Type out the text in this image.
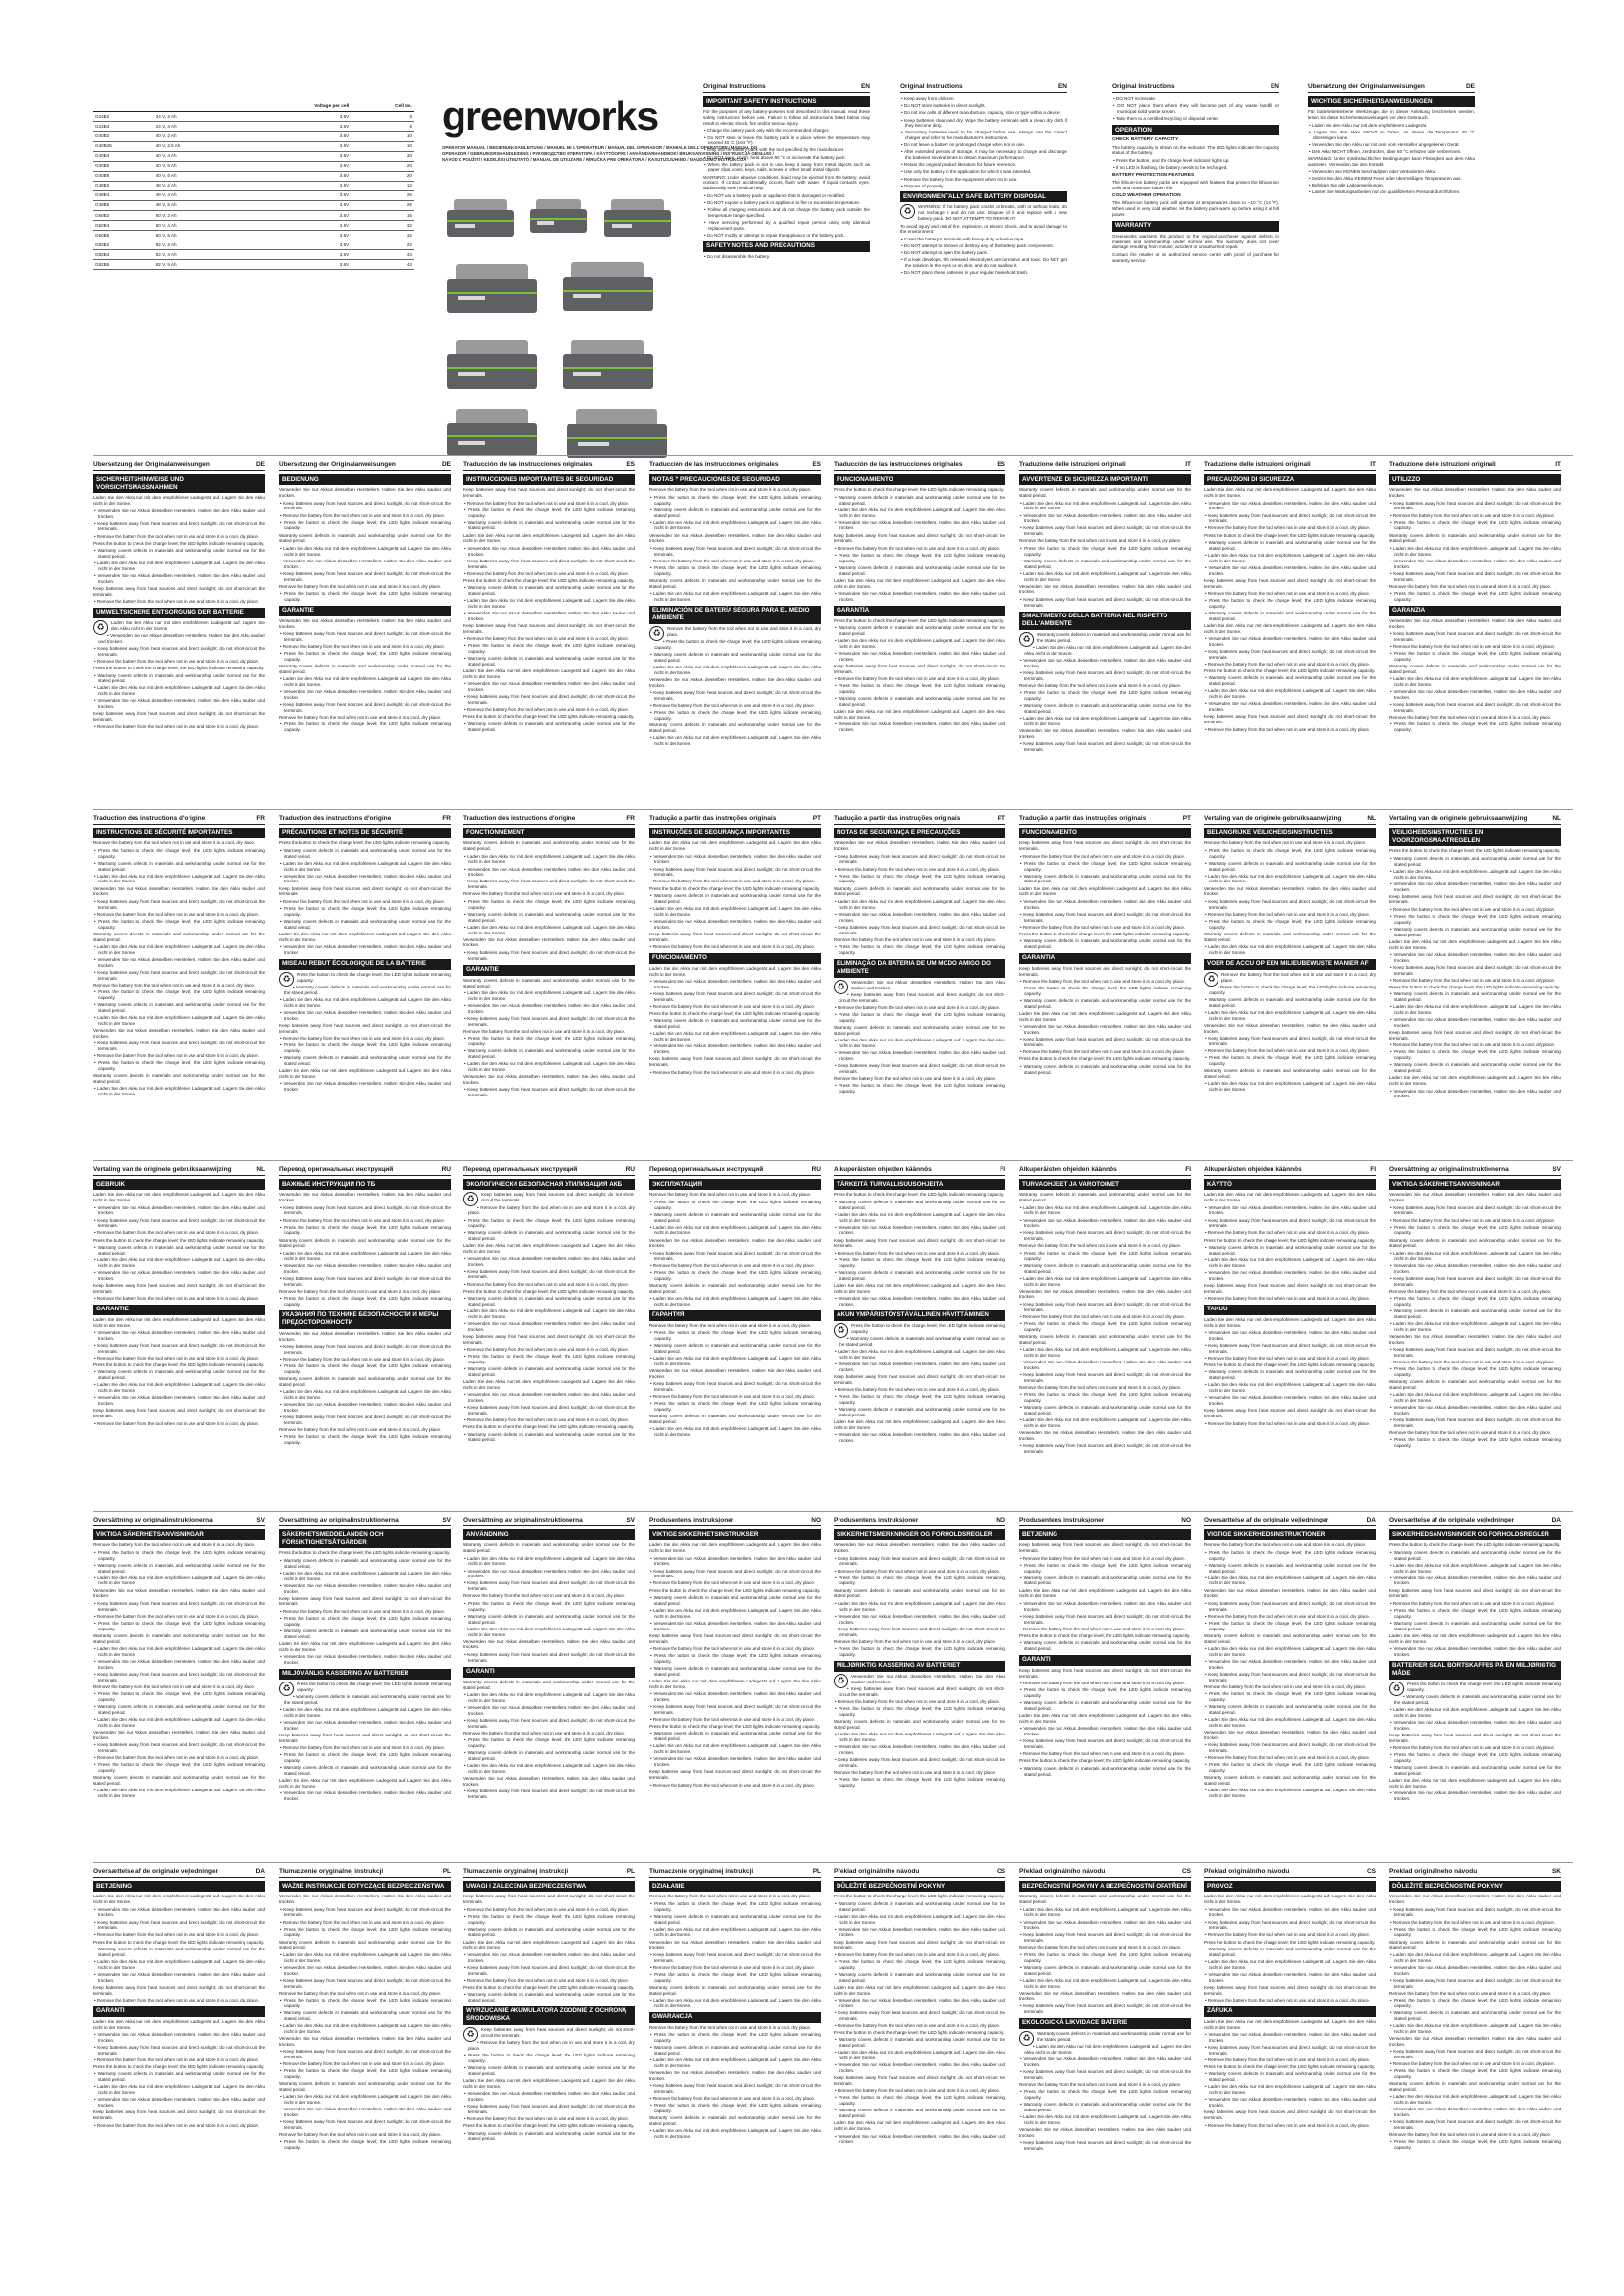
		Voltage per cell	Cell No.
G24B2	24 V, 2 Ah	3.6V	6
G24B4	24 V, 4 Ah	3.6V	6
G40B2	40 V, 2 Ah	3.6V	10
G40B25	40 V, 2.5 Ah	3.6V	10
G40B4	40 V, 4 Ah	3.6V	20
G40B5	40 V, 5 Ah	3.6V	20
G40B6	40 V, 6 Ah	3.6V	20
G48B2	48 V, 2 Ah	3.6V	13
G48B4	48 V, 4 Ah	3.6V	26
G48B5	48 V, 5 Ah	3.6V	26
G60B2	60 V, 2 Ah	3.6V	16
G60B4	60 V, 4 Ah	3.6V	32
G60B5	60 V, 5 Ah	3.6V	32
G82B2	82 V, 2 Ah	3.6V	22
G82B4	82 V, 4 Ah	3.6V	44
G82B5	82 V, 5 Ah	3.6V	44
greenworks
OPERATOR MANUAL / BEDIENUNGSANLEITUNG / MANUEL DE L'OPÉRATEUR / MANUAL DEL OPERADOR / MANUALE DELL'OPERATORE / MANUAL DO OPERADOR / GEBRUIKERSHANDLEIDING / РУКОВОДСТВО ОПЕРАТОРА / KÄYTTÖOPAS / ANVÄNDARHANDBOK / BRUKSANVISNING / INSTRUKCJA OBSŁUGI / NÁVOD K POUŽITÍ / KEZELÉSI ÚTMUTATÓ / MANUAL DE UTILIZARE / RÍRUČKA PRE OPERÁTORA / KASUTUSJUHEND / NAUDOJIMO INSTRUKCIJA
Original Instructions	EN
IMPORTANT SAFETY INSTRUCTIONS
For the purposes of any battery-powered tool described in this manual, read these safety instructions before use. Failure to follow all instructions listed below may result in electric shock, fire and/or serious injury.
• Charge the battery pack only with the recommended charger.
• Do NOT store or leave the battery pack in a place where the temperature may exceed 40 °C (104 °F).
• Only use the battery pack with the tool specified by the manufacturer.
• Do NOT open, crush, heat above 60 °C or incinerate the battery pack.
• When the battery pack is not in use, keep it away from metal objects such as paper clips, coins, keys, nails, screws or other small metal objects.
WARNING: Under abusive conditions, liquid may be ejected from the battery; avoid contact. If contact accidentally occurs, flush with water. If liquid contacts eyes, additionally seek medical help.
• Do NOT use a battery pack or appliance that is damaged or modified.
• Do NOT expose a battery pack or appliance to fire or excessive temperature.
• Follow all charging instructions and do not charge the battery pack outside the temperature range specified.
• Have servicing performed by a qualified repair person using only identical replacement parts.
• Do NOT modify or attempt to repair the appliance or the battery pack.
SAFETY NOTES AND PRECAUTIONS
• Do not disassemble the battery.
Original Instructions	EN
• Keep away from children.
• Do NOT store batteries in direct sunlight.
• Do not mix cells of different manufacture, capacity, size or type within a device.
• Keep batteries clean and dry. Wipe the battery terminals with a clean dry cloth if they become dirty.
• Secondary batteries need to be charged before use. Always use the correct charger and refer to the manufacturer's instructions.
• Do not leave a battery on prolonged charge when not in use.
• After extended periods of storage, it may be necessary to charge and discharge the batteries several times to obtain maximum performance.
• Retain the original product literature for future reference.
• Use only the battery in the application for which it was intended.
• Remove the battery from the equipment when not in use.
• Dispose of properly.
ENVIRONMENTALLY SAFE BATTERY DISPOSAL
♻	WARNING: If the battery pack cracks or breaks, with or without leaks, do not recharge it and do not use. Dispose of it and replace with a new battery pack. DO NOT ATTEMPT TO REPAIR IT!
To avoid injury and risk of fire, explosion, or electric shock, and to avoid damage to the environment:
• Cover the battery's terminals with heavy-duty adhesive tape.
• Do NOT attempt to remove or destroy any of the battery pack components.
• Do NOT attempt to open the battery pack.
• If a leak develops, the released electrolytes are corrosive and toxic. Do NOT get the solution in the eyes or on skin, and do not swallow it.
• Do NOT place these batteries in your regular household trash.
Original Instructions	EN
• DO NOT incinerate.
• DO NOT place them where they will become part of any waste landfill or municipal solid waste stream.
• Take them to a certified recycling or disposal center.
OPERATION
CHECK BATTERY CAPACITY
The battery capacity is shown on the indicator. The LED lights indicate the capacity status of the battery.
• Press the button, and the charge level indicator lights up.
• If no LED is flashing, the battery needs to be recharged.
BATTERY PROTECTION FEATURES
The lithium-ion battery packs are equipped with features that protect the lithium-ion cells and maximize battery life.
COLD WEATHER OPERATION
The lithium-ion battery pack will operate at temperatures down to −10 °C (14 °F). When used in very cold weather, let the battery pack warm up before using it at full power.
WARRANTY
Greenworks warrants this product to the original purchaser against defects in materials and workmanship under normal use. The warranty does not cover damage resulting from misuse, accident or unauthorized repair.
Contact the retailer or an authorized service center with proof of purchase for warranty service.
Übersetzung der Originalanweisungen	DE
WICHTIGE SICHERHEITSANWEISUNGEN
Für batteriebetriebene Werkzeuge, die in dieser Anleitung beschrieben werden, lesen Sie diese Sicherheitsanweisungen vor dem Gebrauch.
• Laden Sie den Akku nur mit dem empfohlenen Ladegerät.
• Lagern Sie den Akku NICHT an Orten, an denen die Temperatur 40 °C übersteigen kann.
• Verwenden Sie den Akku nur mit dem vom Hersteller angegebenen Gerät.
• Den Akku NICHT öffnen, zerdrücken, über 60 °C erhitzen oder verbrennen.
WARNUNG: Unter missbräuchlichen Bedingungen kann Flüssigkeit aus dem Akku austreten. Vermeiden Sie den Kontakt.
• Verwenden Sie KEINEN beschädigten oder veränderten Akku.
• Setzen Sie den Akku KEINEM Feuer oder übermäßigen Temperaturen aus.
• Befolgen Sie alle Ladeanweisungen.
• Lassen Sie Wartungsarbeiten nur von qualifiziertem Personal durchführen.
Übersetzung der Originalanweisungen	DE
SICHERHEITSHINWEISE UND VORSICHTSMASSNAHMEN
Laden Sie den Akku nur mit dem empfohlenen Ladegerät auf. Lagern Sie den Akku nicht in der Sonne.
• Verwenden Sie nur Akkus desselben Herstellers. Halten Sie den Akku sauber und trocken.
• Keep batteries away from heat sources and direct sunlight; do not short-circuit the terminals.
• Remove the battery from the tool when not in use and store it in a cool, dry place.
Press the button to check the charge level; the LED lights indicate remaining capacity.
• Warranty covers defects in materials and workmanship under normal use for the stated period.
• Laden Sie den Akku nur mit dem empfohlenen Ladegerät auf. Lagern Sie den Akku nicht in der Sonne.
• Verwenden Sie nur Akkus desselben Herstellers. Halten Sie den Akku sauber und trocken.
Keep batteries away from heat sources and direct sunlight; do not short-circuit the terminals.
• Remove the battery from the tool when not in use and store it in a cool, dry place.
UMWELTSICHERE ENTSORGUNG DER BATTERIE
♻	Laden Sie den Akku nur mit dem empfohlenen Ladegerät auf. Lagern Sie den Akku nicht in der Sonne.
• Verwenden Sie nur Akkus desselben Herstellers. Halten Sie den Akku sauber und trocken.
• Keep batteries away from heat sources and direct sunlight; do not short-circuit the terminals.
• Remove the battery from the tool when not in use and store it in a cool, dry place.
Press the button to check the charge level; the LED lights indicate remaining capacity.
• Warranty covers defects in materials and workmanship under normal use for the stated period.
• Laden Sie den Akku nur mit dem empfohlenen Ladegerät auf. Lagern Sie den Akku nicht in der Sonne.
• Verwenden Sie nur Akkus desselben Herstellers. Halten Sie den Akku sauber und trocken.
Keep batteries away from heat sources and direct sunlight; do not short-circuit the terminals.
• Remove the battery from the tool when not in use and store it in a cool, dry place.
Übersetzung der Originalanweisungen	DE
BEDIENUNG
Verwenden Sie nur Akkus desselben Herstellers. Halten Sie den Akku sauber und trocken.
• Keep batteries away from heat sources and direct sunlight; do not short-circuit the terminals.
• Remove the battery from the tool when not in use and store it in a cool, dry place.
• Press the button to check the charge level; the LED lights indicate remaining capacity.
Warranty covers defects in materials and workmanship under normal use for the stated period.
• Laden Sie den Akku nur mit dem empfohlenen Ladegerät auf. Lagern Sie den Akku nicht in der Sonne.
• Verwenden Sie nur Akkus desselben Herstellers. Halten Sie den Akku sauber und trocken.
• Keep batteries away from heat sources and direct sunlight; do not short-circuit the terminals.
Remove the battery from the tool when not in use and store it in a cool, dry place.
• Press the button to check the charge level; the LED lights indicate remaining capacity.
GARANTIE
Verwenden Sie nur Akkus desselben Herstellers. Halten Sie den Akku sauber und trocken.
• Keep batteries away from heat sources and direct sunlight; do not short-circuit the terminals.
• Remove the battery from the tool when not in use and store it in a cool, dry place.
• Press the button to check the charge level; the LED lights indicate remaining capacity.
Warranty covers defects in materials and workmanship under normal use for the stated period.
• Laden Sie den Akku nur mit dem empfohlenen Ladegerät auf. Lagern Sie den Akku nicht in der Sonne.
• Verwenden Sie nur Akkus desselben Herstellers. Halten Sie den Akku sauber und trocken.
• Keep batteries away from heat sources and direct sunlight; do not short-circuit the terminals.
Remove the battery from the tool when not in use and store it in a cool, dry place.
• Press the button to check the charge level; the LED lights indicate remaining capacity.
Traducción de las instrucciones originales	ES
INSTRUCCIONES IMPORTANTES DE SEGURIDAD
Keep batteries away from heat sources and direct sunlight; do not short-circuit the terminals.
• Remove the battery from the tool when not in use and store it in a cool, dry place.
• Press the button to check the charge level; the LED lights indicate remaining capacity.
• Warranty covers defects in materials and workmanship under normal use for the stated period.
Laden Sie den Akku nur mit dem empfohlenen Ladegerät auf. Lagern Sie den Akku nicht in der Sonne.
• Verwenden Sie nur Akkus desselben Herstellers. Halten Sie den Akku sauber und trocken.
• Keep batteries away from heat sources and direct sunlight; do not short-circuit the terminals.
• Remove the battery from the tool when not in use and store it in a cool, dry place.
Press the button to check the charge level; the LED lights indicate remaining capacity.
• Warranty covers defects in materials and workmanship under normal use for the stated period.
• Laden Sie den Akku nur mit dem empfohlenen Ladegerät auf. Lagern Sie den Akku nicht in der Sonne.
• Verwenden Sie nur Akkus desselben Herstellers. Halten Sie den Akku sauber und trocken.
Keep batteries away from heat sources and direct sunlight; do not short-circuit the terminals.
• Remove the battery from the tool when not in use and store it in a cool, dry place.
• Press the button to check the charge level; the LED lights indicate remaining capacity.
• Warranty covers defects in materials and workmanship under normal use for the stated period.
Laden Sie den Akku nur mit dem empfohlenen Ladegerät auf. Lagern Sie den Akku nicht in der Sonne.
• Verwenden Sie nur Akkus desselben Herstellers. Halten Sie den Akku sauber und trocken.
• Keep batteries away from heat sources and direct sunlight; do not short-circuit the terminals.
• Remove the battery from the tool when not in use and store it in a cool, dry place.
Press the button to check the charge level; the LED lights indicate remaining capacity.
• Warranty covers defects in materials and workmanship under normal use for the stated period.
Traducción de las instrucciones originales	ES
NOTAS Y PRECAUCIONES DE SEGURIDAD
Remove the battery from the tool when not in use and store it in a cool, dry place.
• Press the button to check the charge level; the LED lights indicate remaining capacity.
• Warranty covers defects in materials and workmanship under normal use for the stated period.
• Laden Sie den Akku nur mit dem empfohlenen Ladegerät auf. Lagern Sie den Akku nicht in der Sonne.
Verwenden Sie nur Akkus desselben Herstellers. Halten Sie den Akku sauber und trocken.
• Keep batteries away from heat sources and direct sunlight; do not short-circuit the terminals.
• Remove the battery from the tool when not in use and store it in a cool, dry place.
• Press the button to check the charge level; the LED lights indicate remaining capacity.
Warranty covers defects in materials and workmanship under normal use for the stated period.
• Laden Sie den Akku nur mit dem empfohlenen Ladegerät auf. Lagern Sie den Akku nicht in der Sonne.
ELIMINACIÓN DE BATERÍA SEGURA PARA EL MEDIO AMBIENTE
♻	Remove the battery from the tool when not in use and store it in a cool, dry place.
• Press the button to check the charge level; the LED lights indicate remaining capacity.
• Warranty covers defects in materials and workmanship under normal use for the stated period.
• Laden Sie den Akku nur mit dem empfohlenen Ladegerät auf. Lagern Sie den Akku nicht in der Sonne.
Verwenden Sie nur Akkus desselben Herstellers. Halten Sie den Akku sauber und trocken.
• Keep batteries away from heat sources and direct sunlight; do not short-circuit the terminals.
• Remove the battery from the tool when not in use and store it in a cool, dry place.
• Press the button to check the charge level; the LED lights indicate remaining capacity.
Warranty covers defects in materials and workmanship under normal use for the stated period.
• Laden Sie den Akku nur mit dem empfohlenen Ladegerät auf. Lagern Sie den Akku nicht in der Sonne.
Traducción de las instrucciones originales	ES
FUNCIONAMIENTO
Press the button to check the charge level; the LED lights indicate remaining capacity.
• Warranty covers defects in materials and workmanship under normal use for the stated period.
• Laden Sie den Akku nur mit dem empfohlenen Ladegerät auf. Lagern Sie den Akku nicht in der Sonne.
• Verwenden Sie nur Akkus desselben Herstellers. Halten Sie den Akku sauber und trocken.
Keep batteries away from heat sources and direct sunlight; do not short-circuit the terminals.
• Remove the battery from the tool when not in use and store it in a cool, dry place.
• Press the button to check the charge level; the LED lights indicate remaining capacity.
• Warranty covers defects in materials and workmanship under normal use for the stated period.
Laden Sie den Akku nur mit dem empfohlenen Ladegerät auf. Lagern Sie den Akku nicht in der Sonne.
• Verwenden Sie nur Akkus desselben Herstellers. Halten Sie den Akku sauber und trocken.
GARANTÍA
Press the button to check the charge level; the LED lights indicate remaining capacity.
• Warranty covers defects in materials and workmanship under normal use for the stated period.
• Laden Sie den Akku nur mit dem empfohlenen Ladegerät auf. Lagern Sie den Akku nicht in der Sonne.
• Verwenden Sie nur Akkus desselben Herstellers. Halten Sie den Akku sauber und trocken.
Keep batteries away from heat sources and direct sunlight; do not short-circuit the terminals.
• Remove the battery from the tool when not in use and store it in a cool, dry place.
• Press the button to check the charge level; the LED lights indicate remaining capacity.
• Warranty covers defects in materials and workmanship under normal use for the stated period.
Laden Sie den Akku nur mit dem empfohlenen Ladegerät auf. Lagern Sie den Akku nicht in der Sonne.
• Verwenden Sie nur Akkus desselben Herstellers. Halten Sie den Akku sauber und trocken.
Traduzione delle istruzioni originali	IT
AVVERTENZE DI SICUREZZA IMPORTANTI
Warranty covers defects in materials and workmanship under normal use for the stated period.
• Laden Sie den Akku nur mit dem empfohlenen Ladegerät auf. Lagern Sie den Akku nicht in der Sonne.
• Verwenden Sie nur Akkus desselben Herstellers. Halten Sie den Akku sauber und trocken.
• Keep batteries away from heat sources and direct sunlight; do not short-circuit the terminals.
Remove the battery from the tool when not in use and store it in a cool, dry place.
• Press the button to check the charge level; the LED lights indicate remaining capacity.
• Warranty covers defects in materials and workmanship under normal use for the stated period.
• Laden Sie den Akku nur mit dem empfohlenen Ladegerät auf. Lagern Sie den Akku nicht in der Sonne.
Verwenden Sie nur Akkus desselben Herstellers. Halten Sie den Akku sauber und trocken.
• Keep batteries away from heat sources and direct sunlight; do not short-circuit the terminals.
SMALTIMENTO DELLA BATTERIA NEL RISPETTO DELL'AMBIENTE
♻	Warranty covers defects in materials and workmanship under normal use for the stated period.
• Laden Sie den Akku nur mit dem empfohlenen Ladegerät auf. Lagern Sie den Akku nicht in der Sonne.
• Verwenden Sie nur Akkus desselben Herstellers. Halten Sie den Akku sauber und trocken.
• Keep batteries away from heat sources and direct sunlight; do not short-circuit the terminals.
Remove the battery from the tool when not in use and store it in a cool, dry place.
• Press the button to check the charge level; the LED lights indicate remaining capacity.
• Warranty covers defects in materials and workmanship under normal use for the stated period.
• Laden Sie den Akku nur mit dem empfohlenen Ladegerät auf. Lagern Sie den Akku nicht in der Sonne.
Verwenden Sie nur Akkus desselben Herstellers. Halten Sie den Akku sauber und trocken.
• Keep batteries away from heat sources and direct sunlight; do not short-circuit the terminals.
Traduzione delle istruzioni originali	IT
PRECAUZIONI DI SICUREZZA
Laden Sie den Akku nur mit dem empfohlenen Ladegerät auf. Lagern Sie den Akku nicht in der Sonne.
• Verwenden Sie nur Akkus desselben Herstellers. Halten Sie den Akku sauber und trocken.
• Keep batteries away from heat sources and direct sunlight; do not short-circuit the terminals.
• Remove the battery from the tool when not in use and store it in a cool, dry place.
Press the button to check the charge level; the LED lights indicate remaining capacity.
• Warranty covers defects in materials and workmanship under normal use for the stated period.
• Laden Sie den Akku nur mit dem empfohlenen Ladegerät auf. Lagern Sie den Akku nicht in der Sonne.
• Verwenden Sie nur Akkus desselben Herstellers. Halten Sie den Akku sauber und trocken.
Keep batteries away from heat sources and direct sunlight; do not short-circuit the terminals.
• Remove the battery from the tool when not in use and store it in a cool, dry place.
• Press the button to check the charge level; the LED lights indicate remaining capacity.
• Warranty covers defects in materials and workmanship under normal use for the stated period.
Laden Sie den Akku nur mit dem empfohlenen Ladegerät auf. Lagern Sie den Akku nicht in der Sonne.
• Verwenden Sie nur Akkus desselben Herstellers. Halten Sie den Akku sauber und trocken.
• Keep batteries away from heat sources and direct sunlight; do not short-circuit the terminals.
• Remove the battery from the tool when not in use and store it in a cool, dry place.
Press the button to check the charge level; the LED lights indicate remaining capacity.
• Warranty covers defects in materials and workmanship under normal use for the stated period.
• Laden Sie den Akku nur mit dem empfohlenen Ladegerät auf. Lagern Sie den Akku nicht in der Sonne.
• Verwenden Sie nur Akkus desselben Herstellers. Halten Sie den Akku sauber und trocken.
Keep batteries away from heat sources and direct sunlight; do not short-circuit the terminals.
• Remove the battery from the tool when not in use and store it in a cool, dry place.
Traduzione delle istruzioni originali	IT
UTILIZZO
Verwenden Sie nur Akkus desselben Herstellers. Halten Sie den Akku sauber und trocken.
• Keep batteries away from heat sources and direct sunlight; do not short-circuit the terminals.
• Remove the battery from the tool when not in use and store it in a cool, dry place.
• Press the button to check the charge level; the LED lights indicate remaining capacity.
Warranty covers defects in materials and workmanship under normal use for the stated period.
• Laden Sie den Akku nur mit dem empfohlenen Ladegerät auf. Lagern Sie den Akku nicht in der Sonne.
• Verwenden Sie nur Akkus desselben Herstellers. Halten Sie den Akku sauber und trocken.
• Keep batteries away from heat sources and direct sunlight; do not short-circuit the terminals.
Remove the battery from the tool when not in use and store it in a cool, dry place.
• Press the button to check the charge level; the LED lights indicate remaining capacity.
GARANZIA
Verwenden Sie nur Akkus desselben Herstellers. Halten Sie den Akku sauber und trocken.
• Keep batteries away from heat sources and direct sunlight; do not short-circuit the terminals.
• Remove the battery from the tool when not in use and store it in a cool, dry place.
• Press the button to check the charge level; the LED lights indicate remaining capacity.
Warranty covers defects in materials and workmanship under normal use for the stated period.
• Laden Sie den Akku nur mit dem empfohlenen Ladegerät auf. Lagern Sie den Akku nicht in der Sonne.
• Verwenden Sie nur Akkus desselben Herstellers. Halten Sie den Akku sauber und trocken.
• Keep batteries away from heat sources and direct sunlight; do not short-circuit the terminals.
Remove the battery from the tool when not in use and store it in a cool, dry place.
• Press the button to check the charge level; the LED lights indicate remaining capacity.
Traduction des instructions d'origine	FR
INSTRUCTIONS DE SÉCURITÉ IMPORTANTES
Remove the battery from the tool when not in use and store it in a cool, dry place.
• Press the button to check the charge level; the LED lights indicate remaining capacity.
• Warranty covers defects in materials and workmanship under normal use for the stated period.
• Laden Sie den Akku nur mit dem empfohlenen Ladegerät auf. Lagern Sie den Akku nicht in der Sonne.
Verwenden Sie nur Akkus desselben Herstellers. Halten Sie den Akku sauber und trocken.
• Keep batteries away from heat sources and direct sunlight; do not short-circuit the terminals.
• Remove the battery from the tool when not in use and store it in a cool, dry place.
• Press the button to check the charge level; the LED lights indicate remaining capacity.
Warranty covers defects in materials and workmanship under normal use for the stated period.
• Laden Sie den Akku nur mit dem empfohlenen Ladegerät auf. Lagern Sie den Akku nicht in der Sonne.
• Verwenden Sie nur Akkus desselben Herstellers. Halten Sie den Akku sauber und trocken.
• Keep batteries away from heat sources and direct sunlight; do not short-circuit the terminals.
Remove the battery from the tool when not in use and store it in a cool, dry place.
• Press the button to check the charge level; the LED lights indicate remaining capacity.
• Warranty covers defects in materials and workmanship under normal use for the stated period.
• Laden Sie den Akku nur mit dem empfohlenen Ladegerät auf. Lagern Sie den Akku nicht in der Sonne.
Verwenden Sie nur Akkus desselben Herstellers. Halten Sie den Akku sauber und trocken.
• Keep batteries away from heat sources and direct sunlight; do not short-circuit the terminals.
• Remove the battery from the tool when not in use and store it in a cool, dry place.
• Press the button to check the charge level; the LED lights indicate remaining capacity.
Warranty covers defects in materials and workmanship under normal use for the stated period.
• Laden Sie den Akku nur mit dem empfohlenen Ladegerät auf. Lagern Sie den Akku nicht in der Sonne.
Traduction des instructions d'origine	FR
PRÉCAUTIONS ET NOTES DE SÉCURITÉ
Press the button to check the charge level; the LED lights indicate remaining capacity.
• Warranty covers defects in materials and workmanship under normal use for the stated period.
• Laden Sie den Akku nur mit dem empfohlenen Ladegerät auf. Lagern Sie den Akku nicht in der Sonne.
• Verwenden Sie nur Akkus desselben Herstellers. Halten Sie den Akku sauber und trocken.
Keep batteries away from heat sources and direct sunlight; do not short-circuit the terminals.
• Remove the battery from the tool when not in use and store it in a cool, dry place.
• Press the button to check the charge level; the LED lights indicate remaining capacity.
• Warranty covers defects in materials and workmanship under normal use for the stated period.
Laden Sie den Akku nur mit dem empfohlenen Ladegerät auf. Lagern Sie den Akku nicht in der Sonne.
• Verwenden Sie nur Akkus desselben Herstellers. Halten Sie den Akku sauber und trocken.
MISE AU REBUT ÉCOLOGIQUE DE LA BATTERIE
♻	Press the button to check the charge level; the LED lights indicate remaining capacity.
• Warranty covers defects in materials and workmanship under normal use for the stated period.
• Laden Sie den Akku nur mit dem empfohlenen Ladegerät auf. Lagern Sie den Akku nicht in der Sonne.
• Verwenden Sie nur Akkus desselben Herstellers. Halten Sie den Akku sauber und trocken.
Keep batteries away from heat sources and direct sunlight; do not short-circuit the terminals.
• Remove the battery from the tool when not in use and store it in a cool, dry place.
• Press the button to check the charge level; the LED lights indicate remaining capacity.
• Warranty covers defects in materials and workmanship under normal use for the stated period.
Laden Sie den Akku nur mit dem empfohlenen Ladegerät auf. Lagern Sie den Akku nicht in der Sonne.
• Verwenden Sie nur Akkus desselben Herstellers. Halten Sie den Akku sauber und trocken.
Traduction des instructions d'origine	FR
FONCTIONNEMENT
Warranty covers defects in materials and workmanship under normal use for the stated period.
• Laden Sie den Akku nur mit dem empfohlenen Ladegerät auf. Lagern Sie den Akku nicht in der Sonne.
• Verwenden Sie nur Akkus desselben Herstellers. Halten Sie den Akku sauber und trocken.
• Keep batteries away from heat sources and direct sunlight; do not short-circuit the terminals.
Remove the battery from the tool when not in use and store it in a cool, dry place.
• Press the button to check the charge level; the LED lights indicate remaining capacity.
• Warranty covers defects in materials and workmanship under normal use for the stated period.
• Laden Sie den Akku nur mit dem empfohlenen Ladegerät auf. Lagern Sie den Akku nicht in der Sonne.
Verwenden Sie nur Akkus desselben Herstellers. Halten Sie den Akku sauber und trocken.
• Keep batteries away from heat sources and direct sunlight; do not short-circuit the terminals.
GARANTIE
Warranty covers defects in materials and workmanship under normal use for the stated period.
• Laden Sie den Akku nur mit dem empfohlenen Ladegerät auf. Lagern Sie den Akku nicht in der Sonne.
• Verwenden Sie nur Akkus desselben Herstellers. Halten Sie den Akku sauber und trocken.
• Keep batteries away from heat sources and direct sunlight; do not short-circuit the terminals.
Remove the battery from the tool when not in use and store it in a cool, dry place.
• Press the button to check the charge level; the LED lights indicate remaining capacity.
• Warranty covers defects in materials and workmanship under normal use for the stated period.
• Laden Sie den Akku nur mit dem empfohlenen Ladegerät auf. Lagern Sie den Akku nicht in der Sonne.
Verwenden Sie nur Akkus desselben Herstellers. Halten Sie den Akku sauber und trocken.
• Keep batteries away from heat sources and direct sunlight; do not short-circuit the terminals.
Tradução a partir das instruções originais	PT
INSTRUÇÕES DE SEGURANÇA IMPORTANTES
Laden Sie den Akku nur mit dem empfohlenen Ladegerät auf. Lagern Sie den Akku nicht in der Sonne.
• Verwenden Sie nur Akkus desselben Herstellers. Halten Sie den Akku sauber und trocken.
• Keep batteries away from heat sources and direct sunlight; do not short-circuit the terminals.
• Remove the battery from the tool when not in use and store it in a cool, dry place.
Press the button to check the charge level; the LED lights indicate remaining capacity.
• Warranty covers defects in materials and workmanship under normal use for the stated period.
• Laden Sie den Akku nur mit dem empfohlenen Ladegerät auf. Lagern Sie den Akku nicht in der Sonne.
• Verwenden Sie nur Akkus desselben Herstellers. Halten Sie den Akku sauber und trocken.
Keep batteries away from heat sources and direct sunlight; do not short-circuit the terminals.
• Remove the battery from the tool when not in use and store it in a cool, dry place.
FUNCIONAMENTO
Laden Sie den Akku nur mit dem empfohlenen Ladegerät auf. Lagern Sie den Akku nicht in der Sonne.
• Verwenden Sie nur Akkus desselben Herstellers. Halten Sie den Akku sauber und trocken.
• Keep batteries away from heat sources and direct sunlight; do not short-circuit the terminals.
• Remove the battery from the tool when not in use and store it in a cool, dry place.
Press the button to check the charge level; the LED lights indicate remaining capacity.
• Warranty covers defects in materials and workmanship under normal use for the stated period.
• Laden Sie den Akku nur mit dem empfohlenen Ladegerät auf. Lagern Sie den Akku nicht in der Sonne.
• Verwenden Sie nur Akkus desselben Herstellers. Halten Sie den Akku sauber und trocken.
Keep batteries away from heat sources and direct sunlight; do not short-circuit the terminals.
• Remove the battery from the tool when not in use and store it in a cool, dry place.
Tradução a partir das instruções originais	PT
NOTAS DE SEGURANÇA E PRECAUÇÕES
Verwenden Sie nur Akkus desselben Herstellers. Halten Sie den Akku sauber und trocken.
• Keep batteries away from heat sources and direct sunlight; do not short-circuit the terminals.
• Remove the battery from the tool when not in use and store it in a cool, dry place.
• Press the button to check the charge level; the LED lights indicate remaining capacity.
Warranty covers defects in materials and workmanship under normal use for the stated period.
• Laden Sie den Akku nur mit dem empfohlenen Ladegerät auf. Lagern Sie den Akku nicht in der Sonne.
• Verwenden Sie nur Akkus desselben Herstellers. Halten Sie den Akku sauber und trocken.
• Keep batteries away from heat sources and direct sunlight; do not short-circuit the terminals.
Remove the battery from the tool when not in use and store it in a cool, dry place.
• Press the button to check the charge level; the LED lights indicate remaining capacity.
ELIMINAÇÃO DA BATERIA DE UM MODO AMIGO DO AMBIENTE
♻	Verwenden Sie nur Akkus desselben Herstellers. Halten Sie den Akku sauber und trocken.
• Keep batteries away from heat sources and direct sunlight; do not short-circuit the terminals.
• Remove the battery from the tool when not in use and store it in a cool, dry place.
• Press the button to check the charge level; the LED lights indicate remaining capacity.
Warranty covers defects in materials and workmanship under normal use for the stated period.
• Laden Sie den Akku nur mit dem empfohlenen Ladegerät auf. Lagern Sie den Akku nicht in der Sonne.
• Verwenden Sie nur Akkus desselben Herstellers. Halten Sie den Akku sauber und trocken.
• Keep batteries away from heat sources and direct sunlight; do not short-circuit the terminals.
Remove the battery from the tool when not in use and store it in a cool, dry place.
• Press the button to check the charge level; the LED lights indicate remaining capacity.
Tradução a partir das instruções originais	PT
FUNCIONAMENTO
Keep batteries away from heat sources and direct sunlight; do not short-circuit the terminals.
• Remove the battery from the tool when not in use and store it in a cool, dry place.
• Press the button to check the charge level; the LED lights indicate remaining capacity.
• Warranty covers defects in materials and workmanship under normal use for the stated period.
Laden Sie den Akku nur mit dem empfohlenen Ladegerät auf. Lagern Sie den Akku nicht in der Sonne.
• Verwenden Sie nur Akkus desselben Herstellers. Halten Sie den Akku sauber und trocken.
• Keep batteries away from heat sources and direct sunlight; do not short-circuit the terminals.
• Remove the battery from the tool when not in use and store it in a cool, dry place.
Press the button to check the charge level; the LED lights indicate remaining capacity.
• Warranty covers defects in materials and workmanship under normal use for the stated period.
GARANTIA
Keep batteries away from heat sources and direct sunlight; do not short-circuit the terminals.
• Remove the battery from the tool when not in use and store it in a cool, dry place.
• Press the button to check the charge level; the LED lights indicate remaining capacity.
• Warranty covers defects in materials and workmanship under normal use for the stated period.
Laden Sie den Akku nur mit dem empfohlenen Ladegerät auf. Lagern Sie den Akku nicht in der Sonne.
• Verwenden Sie nur Akkus desselben Herstellers. Halten Sie den Akku sauber und trocken.
• Keep batteries away from heat sources and direct sunlight; do not short-circuit the terminals.
• Remove the battery from the tool when not in use and store it in a cool, dry place.
Press the button to check the charge level; the LED lights indicate remaining capacity.
• Warranty covers defects in materials and workmanship under normal use for the stated period.
Vertaling van de originele gebruiksaanwijzing	NL
BELANGRIJKE VEILIGHEIDSINSTRUCTIES
Remove the battery from the tool when not in use and store it in a cool, dry place.
• Press the button to check the charge level; the LED lights indicate remaining capacity.
• Warranty covers defects in materials and workmanship under normal use for the stated period.
• Laden Sie den Akku nur mit dem empfohlenen Ladegerät auf. Lagern Sie den Akku nicht in der Sonne.
Verwenden Sie nur Akkus desselben Herstellers. Halten Sie den Akku sauber und trocken.
• Keep batteries away from heat sources and direct sunlight; do not short-circuit the terminals.
• Remove the battery from the tool when not in use and store it in a cool, dry place.
• Press the button to check the charge level; the LED lights indicate remaining capacity.
Warranty covers defects in materials and workmanship under normal use for the stated period.
• Laden Sie den Akku nur mit dem empfohlenen Ladegerät auf. Lagern Sie den Akku nicht in der Sonne.
VOER DE ACCU OP EEN MILIEUBEWUSTE MANIER AF
♻	Remove the battery from the tool when not in use and store it in a cool, dry place.
• Press the button to check the charge level; the LED lights indicate remaining capacity.
• Warranty covers defects in materials and workmanship under normal use for the stated period.
• Laden Sie den Akku nur mit dem empfohlenen Ladegerät auf. Lagern Sie den Akku nicht in der Sonne.
Verwenden Sie nur Akkus desselben Herstellers. Halten Sie den Akku sauber und trocken.
• Keep batteries away from heat sources and direct sunlight; do not short-circuit the terminals.
• Remove the battery from the tool when not in use and store it in a cool, dry place.
• Press the button to check the charge level; the LED lights indicate remaining capacity.
Warranty covers defects in materials and workmanship under normal use for the stated period.
• Laden Sie den Akku nur mit dem empfohlenen Ladegerät auf. Lagern Sie den Akku nicht in der Sonne.
Vertaling van de originele gebruiksaanwijzing	NL
VEILIGHEIDSINSTRUCTIES EN VOORZORGSMAATREGELEN
Press the button to check the charge level; the LED lights indicate remaining capacity.
• Warranty covers defects in materials and workmanship under normal use for the stated period.
• Laden Sie den Akku nur mit dem empfohlenen Ladegerät auf. Lagern Sie den Akku nicht in der Sonne.
• Verwenden Sie nur Akkus desselben Herstellers. Halten Sie den Akku sauber und trocken.
Keep batteries away from heat sources and direct sunlight; do not short-circuit the terminals.
• Remove the battery from the tool when not in use and store it in a cool, dry place.
• Press the button to check the charge level; the LED lights indicate remaining capacity.
• Warranty covers defects in materials and workmanship under normal use for the stated period.
Laden Sie den Akku nur mit dem empfohlenen Ladegerät auf. Lagern Sie den Akku nicht in der Sonne.
• Verwenden Sie nur Akkus desselben Herstellers. Halten Sie den Akku sauber und trocken.
• Keep batteries away from heat sources and direct sunlight; do not short-circuit the terminals.
• Remove the battery from the tool when not in use and store it in a cool, dry place.
Press the button to check the charge level; the LED lights indicate remaining capacity.
• Warranty covers defects in materials and workmanship under normal use for the stated period.
• Laden Sie den Akku nur mit dem empfohlenen Ladegerät auf. Lagern Sie den Akku nicht in der Sonne.
• Verwenden Sie nur Akkus desselben Herstellers. Halten Sie den Akku sauber und trocken.
Keep batteries away from heat sources and direct sunlight; do not short-circuit the terminals.
• Remove the battery from the tool when not in use and store it in a cool, dry place.
• Press the button to check the charge level; the LED lights indicate remaining capacity.
• Warranty covers defects in materials and workmanship under normal use for the stated period.
Laden Sie den Akku nur mit dem empfohlenen Ladegerät auf. Lagern Sie den Akku nicht in der Sonne.
• Verwenden Sie nur Akkus desselben Herstellers. Halten Sie den Akku sauber und trocken.
Vertaling van de originele gebruiksaanwijzing	NL
GEBRUIK
Laden Sie den Akku nur mit dem empfohlenen Ladegerät auf. Lagern Sie den Akku nicht in der Sonne.
• Verwenden Sie nur Akkus desselben Herstellers. Halten Sie den Akku sauber und trocken.
• Keep batteries away from heat sources and direct sunlight; do not short-circuit the terminals.
• Remove the battery from the tool when not in use and store it in a cool, dry place.
Press the button to check the charge level; the LED lights indicate remaining capacity.
• Warranty covers defects in materials and workmanship under normal use for the stated period.
• Laden Sie den Akku nur mit dem empfohlenen Ladegerät auf. Lagern Sie den Akku nicht in der Sonne.
• Verwenden Sie nur Akkus desselben Herstellers. Halten Sie den Akku sauber und trocken.
Keep batteries away from heat sources and direct sunlight; do not short-circuit the terminals.
• Remove the battery from the tool when not in use and store it in a cool, dry place.
GARANTIE
Laden Sie den Akku nur mit dem empfohlenen Ladegerät auf. Lagern Sie den Akku nicht in der Sonne.
• Verwenden Sie nur Akkus desselben Herstellers. Halten Sie den Akku sauber und trocken.
• Keep batteries away from heat sources and direct sunlight; do not short-circuit the terminals.
• Remove the battery from the tool when not in use and store it in a cool, dry place.
Press the button to check the charge level; the LED lights indicate remaining capacity.
• Warranty covers defects in materials and workmanship under normal use for the stated period.
• Laden Sie den Akku nur mit dem empfohlenen Ladegerät auf. Lagern Sie den Akku nicht in der Sonne.
• Verwenden Sie nur Akkus desselben Herstellers. Halten Sie den Akku sauber und trocken.
Keep batteries away from heat sources and direct sunlight; do not short-circuit the terminals.
• Remove the battery from the tool when not in use and store it in a cool, dry place.
Перевод оригинальных инструкций	RU
ВАЖНЫЕ ИНСТРУКЦИИ ПО ТБ
Verwenden Sie nur Akkus desselben Herstellers. Halten Sie den Akku sauber und trocken.
• Keep batteries away from heat sources and direct sunlight; do not short-circuit the terminals.
• Remove the battery from the tool when not in use and store it in a cool, dry place.
• Press the button to check the charge level; the LED lights indicate remaining capacity.
Warranty covers defects in materials and workmanship under normal use for the stated period.
• Laden Sie den Akku nur mit dem empfohlenen Ladegerät auf. Lagern Sie den Akku nicht in der Sonne.
• Verwenden Sie nur Akkus desselben Herstellers. Halten Sie den Akku sauber und trocken.
• Keep batteries away from heat sources and direct sunlight; do not short-circuit the terminals.
Remove the battery from the tool when not in use and store it in a cool, dry place.
• Press the button to check the charge level; the LED lights indicate remaining capacity.
УКАЗАНИЯ ПО ТЕХНИКЕ БЕЗОПАСНОСТИ И МЕРЫ ПРЕДОСТОРОЖНОСТИ
Verwenden Sie nur Akkus desselben Herstellers. Halten Sie den Akku sauber und trocken.
• Keep batteries away from heat sources and direct sunlight; do not short-circuit the terminals.
• Remove the battery from the tool when not in use and store it in a cool, dry place.
• Press the button to check the charge level; the LED lights indicate remaining capacity.
Warranty covers defects in materials and workmanship under normal use for the stated period.
• Laden Sie den Akku nur mit dem empfohlenen Ladegerät auf. Lagern Sie den Akku nicht in der Sonne.
• Verwenden Sie nur Akkus desselben Herstellers. Halten Sie den Akku sauber und trocken.
• Keep batteries away from heat sources and direct sunlight; do not short-circuit the terminals.
Remove the battery from the tool when not in use and store it in a cool, dry place.
• Press the button to check the charge level; the LED lights indicate remaining capacity.
Перевод оригинальных инструкций	RU
ЭКОЛОГИЧЕСКИ БЕЗОПАСНАЯ УТИЛИЗАЦИЯ АКБ
♻	Keep batteries away from heat sources and direct sunlight; do not short-circuit the terminals.
• Remove the battery from the tool when not in use and store it in a cool, dry place.
• Press the button to check the charge level; the LED lights indicate remaining capacity.
• Warranty covers defects in materials and workmanship under normal use for the stated period.
Laden Sie den Akku nur mit dem empfohlenen Ladegerät auf. Lagern Sie den Akku nicht in der Sonne.
• Verwenden Sie nur Akkus desselben Herstellers. Halten Sie den Akku sauber und trocken.
• Keep batteries away from heat sources and direct sunlight; do not short-circuit the terminals.
• Remove the battery from the tool when not in use and store it in a cool, dry place.
Press the button to check the charge level; the LED lights indicate remaining capacity.
• Warranty covers defects in materials and workmanship under normal use for the stated period.
• Laden Sie den Akku nur mit dem empfohlenen Ladegerät auf. Lagern Sie den Akku nicht in der Sonne.
• Verwenden Sie nur Akkus desselben Herstellers. Halten Sie den Akku sauber und trocken.
Keep batteries away from heat sources and direct sunlight; do not short-circuit the terminals.
• Remove the battery from the tool when not in use and store it in a cool, dry place.
• Press the button to check the charge level; the LED lights indicate remaining capacity.
• Warranty covers defects in materials and workmanship under normal use for the stated period.
Laden Sie den Akku nur mit dem empfohlenen Ladegerät auf. Lagern Sie den Akku nicht in der Sonne.
• Verwenden Sie nur Akkus desselben Herstellers. Halten Sie den Akku sauber und trocken.
• Keep batteries away from heat sources and direct sunlight; do not short-circuit the terminals.
• Remove the battery from the tool when not in use and store it in a cool, dry place.
Press the button to check the charge level; the LED lights indicate remaining capacity.
• Warranty covers defects in materials and workmanship under normal use for the stated period.
Перевод оригинальных инструкций	RU
ЭКСПЛУАТАЦИЯ
Remove the battery from the tool when not in use and store it in a cool, dry place.
• Press the button to check the charge level; the LED lights indicate remaining capacity.
• Warranty covers defects in materials and workmanship under normal use for the stated period.
• Laden Sie den Akku nur mit dem empfohlenen Ladegerät auf. Lagern Sie den Akku nicht in der Sonne.
Verwenden Sie nur Akkus desselben Herstellers. Halten Sie den Akku sauber und trocken.
• Keep batteries away from heat sources and direct sunlight; do not short-circuit the terminals.
• Remove the battery from the tool when not in use and store it in a cool, dry place.
• Press the button to check the charge level; the LED lights indicate remaining capacity.
Warranty covers defects in materials and workmanship under normal use for the stated period.
• Laden Sie den Akku nur mit dem empfohlenen Ladegerät auf. Lagern Sie den Akku nicht in der Sonne.
ГАРАНТИЯ
Remove the battery from the tool when not in use and store it in a cool, dry place.
• Press the button to check the charge level; the LED lights indicate remaining capacity.
• Warranty covers defects in materials and workmanship under normal use for the stated period.
• Laden Sie den Akku nur mit dem empfohlenen Ladegerät auf. Lagern Sie den Akku nicht in der Sonne.
Verwenden Sie nur Akkus desselben Herstellers. Halten Sie den Akku sauber und trocken.
• Keep batteries away from heat sources and direct sunlight; do not short-circuit the terminals.
• Remove the battery from the tool when not in use and store it in a cool, dry place.
• Press the button to check the charge level; the LED lights indicate remaining capacity.
Warranty covers defects in materials and workmanship under normal use for the stated period.
• Laden Sie den Akku nur mit dem empfohlenen Ladegerät auf. Lagern Sie den Akku nicht in der Sonne.
Alkuperäisten ohjeiden käännös	FI
TÄRKEITÄ TURVALLISUUSOHJEITA
Press the button to check the charge level; the LED lights indicate remaining capacity.
• Warranty covers defects in materials and workmanship under normal use for the stated period.
• Laden Sie den Akku nur mit dem empfohlenen Ladegerät auf. Lagern Sie den Akku nicht in der Sonne.
• Verwenden Sie nur Akkus desselben Herstellers. Halten Sie den Akku sauber und trocken.
Keep batteries away from heat sources and direct sunlight; do not short-circuit the terminals.
• Remove the battery from the tool when not in use and store it in a cool, dry place.
• Press the button to check the charge level; the LED lights indicate remaining capacity.
• Warranty covers defects in materials and workmanship under normal use for the stated period.
Laden Sie den Akku nur mit dem empfohlenen Ladegerät auf. Lagern Sie den Akku nicht in der Sonne.
• Verwenden Sie nur Akkus desselben Herstellers. Halten Sie den Akku sauber und trocken.
AKUN YMPÄRISTÖYSTÄVÄLLINEN HÄVITTÄMINEN
♻	Press the button to check the charge level; the LED lights indicate remaining capacity.
• Warranty covers defects in materials and workmanship under normal use for the stated period.
• Laden Sie den Akku nur mit dem empfohlenen Ladegerät auf. Lagern Sie den Akku nicht in der Sonne.
• Verwenden Sie nur Akkus desselben Herstellers. Halten Sie den Akku sauber und trocken.
Keep batteries away from heat sources and direct sunlight; do not short-circuit the terminals.
• Remove the battery from the tool when not in use and store it in a cool, dry place.
• Press the button to check the charge level; the LED lights indicate remaining capacity.
• Warranty covers defects in materials and workmanship under normal use for the stated period.
Laden Sie den Akku nur mit dem empfohlenen Ladegerät auf. Lagern Sie den Akku nicht in der Sonne.
• Verwenden Sie nur Akkus desselben Herstellers. Halten Sie den Akku sauber und trocken.
Alkuperäisten ohjeiden käännös	FI
TURVAOHJEET JA VAROTOIMET
Warranty covers defects in materials and workmanship under normal use for the stated period.
• Laden Sie den Akku nur mit dem empfohlenen Ladegerät auf. Lagern Sie den Akku nicht in der Sonne.
• Verwenden Sie nur Akkus desselben Herstellers. Halten Sie den Akku sauber und trocken.
• Keep batteries away from heat sources and direct sunlight; do not short-circuit the terminals.
Remove the battery from the tool when not in use and store it in a cool, dry place.
• Press the button to check the charge level; the LED lights indicate remaining capacity.
• Warranty covers defects in materials and workmanship under normal use for the stated period.
• Laden Sie den Akku nur mit dem empfohlenen Ladegerät auf. Lagern Sie den Akku nicht in der Sonne.
Verwenden Sie nur Akkus desselben Herstellers. Halten Sie den Akku sauber und trocken.
• Keep batteries away from heat sources and direct sunlight; do not short-circuit the terminals.
• Remove the battery from the tool when not in use and store it in a cool, dry place.
• Press the button to check the charge level; the LED lights indicate remaining capacity.
Warranty covers defects in materials and workmanship under normal use for the stated period.
• Laden Sie den Akku nur mit dem empfohlenen Ladegerät auf. Lagern Sie den Akku nicht in der Sonne.
• Verwenden Sie nur Akkus desselben Herstellers. Halten Sie den Akku sauber und trocken.
• Keep batteries away from heat sources and direct sunlight; do not short-circuit the terminals.
Remove the battery from the tool when not in use and store it in a cool, dry place.
• Press the button to check the charge level; the LED lights indicate remaining capacity.
• Warranty covers defects in materials and workmanship under normal use for the stated period.
• Laden Sie den Akku nur mit dem empfohlenen Ladegerät auf. Lagern Sie den Akku nicht in der Sonne.
Verwenden Sie nur Akkus desselben Herstellers. Halten Sie den Akku sauber und trocken.
• Keep batteries away from heat sources and direct sunlight; do not short-circuit the terminals.
Alkuperäisten ohjeiden käännös	FI
KÄYTTÖ
Laden Sie den Akku nur mit dem empfohlenen Ladegerät auf. Lagern Sie den Akku nicht in der Sonne.
• Verwenden Sie nur Akkus desselben Herstellers. Halten Sie den Akku sauber und trocken.
• Keep batteries away from heat sources and direct sunlight; do not short-circuit the terminals.
• Remove the battery from the tool when not in use and store it in a cool, dry place.
Press the button to check the charge level; the LED lights indicate remaining capacity.
• Warranty covers defects in materials and workmanship under normal use for the stated period.
• Laden Sie den Akku nur mit dem empfohlenen Ladegerät auf. Lagern Sie den Akku nicht in der Sonne.
• Verwenden Sie nur Akkus desselben Herstellers. Halten Sie den Akku sauber und trocken.
Keep batteries away from heat sources and direct sunlight; do not short-circuit the terminals.
• Remove the battery from the tool when not in use and store it in a cool, dry place.
TAKUU
Laden Sie den Akku nur mit dem empfohlenen Ladegerät auf. Lagern Sie den Akku nicht in der Sonne.
• Verwenden Sie nur Akkus desselben Herstellers. Halten Sie den Akku sauber und trocken.
• Keep batteries away from heat sources and direct sunlight; do not short-circuit the terminals.
• Remove the battery from the tool when not in use and store it in a cool, dry place.
Press the button to check the charge level; the LED lights indicate remaining capacity.
• Warranty covers defects in materials and workmanship under normal use for the stated period.
• Laden Sie den Akku nur mit dem empfohlenen Ladegerät auf. Lagern Sie den Akku nicht in der Sonne.
• Verwenden Sie nur Akkus desselben Herstellers. Halten Sie den Akku sauber und trocken.
Keep batteries away from heat sources and direct sunlight; do not short-circuit the terminals.
• Remove the battery from the tool when not in use and store it in a cool, dry place.
Översättning av originalinstruktionerna	SV
VIKTIGA SÄKERHETSANVISNINGAR
Verwenden Sie nur Akkus desselben Herstellers. Halten Sie den Akku sauber und trocken.
• Keep batteries away from heat sources and direct sunlight; do not short-circuit the terminals.
• Remove the battery from the tool when not in use and store it in a cool, dry place.
• Press the button to check the charge level; the LED lights indicate remaining capacity.
Warranty covers defects in materials and workmanship under normal use for the stated period.
• Laden Sie den Akku nur mit dem empfohlenen Ladegerät auf. Lagern Sie den Akku nicht in der Sonne.
• Verwenden Sie nur Akkus desselben Herstellers. Halten Sie den Akku sauber und trocken.
• Keep batteries away from heat sources and direct sunlight; do not short-circuit the terminals.
Remove the battery from the tool when not in use and store it in a cool, dry place.
• Press the button to check the charge level; the LED lights indicate remaining capacity.
• Warranty covers defects in materials and workmanship under normal use for the stated period.
• Laden Sie den Akku nur mit dem empfohlenen Ladegerät auf. Lagern Sie den Akku nicht in der Sonne.
Verwenden Sie nur Akkus desselben Herstellers. Halten Sie den Akku sauber und trocken.
• Keep batteries away from heat sources and direct sunlight; do not short-circuit the terminals.
• Remove the battery from the tool when not in use and store it in a cool, dry place.
• Press the button to check the charge level; the LED lights indicate remaining capacity.
Warranty covers defects in materials and workmanship under normal use for the stated period.
• Laden Sie den Akku nur mit dem empfohlenen Ladegerät auf. Lagern Sie den Akku nicht in der Sonne.
• Verwenden Sie nur Akkus desselben Herstellers. Halten Sie den Akku sauber und trocken.
• Keep batteries away from heat sources and direct sunlight; do not short-circuit the terminals.
Remove the battery from the tool when not in use and store it in a cool, dry place.
• Press the button to check the charge level; the LED lights indicate remaining capacity.
Översättning av originalinstruktionerna	SV
VIKTIGA SÄKERHETSANVISNINGAR
Remove the battery from the tool when not in use and store it in a cool, dry place.
• Press the button to check the charge level; the LED lights indicate remaining capacity.
• Warranty covers defects in materials and workmanship under normal use for the stated period.
• Laden Sie den Akku nur mit dem empfohlenen Ladegerät auf. Lagern Sie den Akku nicht in der Sonne.
Verwenden Sie nur Akkus desselben Herstellers. Halten Sie den Akku sauber und trocken.
• Keep batteries away from heat sources and direct sunlight; do not short-circuit the terminals.
• Remove the battery from the tool when not in use and store it in a cool, dry place.
• Press the button to check the charge level; the LED lights indicate remaining capacity.
Warranty covers defects in materials and workmanship under normal use for the stated period.
• Laden Sie den Akku nur mit dem empfohlenen Ladegerät auf. Lagern Sie den Akku nicht in der Sonne.
• Verwenden Sie nur Akkus desselben Herstellers. Halten Sie den Akku sauber und trocken.
• Keep batteries away from heat sources and direct sunlight; do not short-circuit the terminals.
Remove the battery from the tool when not in use and store it in a cool, dry place.
• Press the button to check the charge level; the LED lights indicate remaining capacity.
• Warranty covers defects in materials and workmanship under normal use for the stated period.
• Laden Sie den Akku nur mit dem empfohlenen Ladegerät auf. Lagern Sie den Akku nicht in der Sonne.
Verwenden Sie nur Akkus desselben Herstellers. Halten Sie den Akku sauber und trocken.
• Keep batteries away from heat sources and direct sunlight; do not short-circuit the terminals.
• Remove the battery from the tool when not in use and store it in a cool, dry place.
• Press the button to check the charge level; the LED lights indicate remaining capacity.
Warranty covers defects in materials and workmanship under normal use for the stated period.
• Laden Sie den Akku nur mit dem empfohlenen Ladegerät auf. Lagern Sie den Akku nicht in der Sonne.
Översättning av originalinstruktionerna	SV
SÄKERHETSMEDDELANDEN OCH FÖRSIKTIGHETSÅTGÄRDER
Press the button to check the charge level; the LED lights indicate remaining capacity.
• Warranty covers defects in materials and workmanship under normal use for the stated period.
• Laden Sie den Akku nur mit dem empfohlenen Ladegerät auf. Lagern Sie den Akku nicht in der Sonne.
• Verwenden Sie nur Akkus desselben Herstellers. Halten Sie den Akku sauber und trocken.
Keep batteries away from heat sources and direct sunlight; do not short-circuit the terminals.
• Remove the battery from the tool when not in use and store it in a cool, dry place.
• Press the button to check the charge level; the LED lights indicate remaining capacity.
• Warranty covers defects in materials and workmanship under normal use for the stated period.
Laden Sie den Akku nur mit dem empfohlenen Ladegerät auf. Lagern Sie den Akku nicht in der Sonne.
• Verwenden Sie nur Akkus desselben Herstellers. Halten Sie den Akku sauber und trocken.
MILJÖVÄNLIG KASSERING AV BATTERIER
♻	Press the button to check the charge level; the LED lights indicate remaining capacity.
• Warranty covers defects in materials and workmanship under normal use for the stated period.
• Laden Sie den Akku nur mit dem empfohlenen Ladegerät auf. Lagern Sie den Akku nicht in der Sonne.
• Verwenden Sie nur Akkus desselben Herstellers. Halten Sie den Akku sauber und trocken.
Keep batteries away from heat sources and direct sunlight; do not short-circuit the terminals.
• Remove the battery from the tool when not in use and store it in a cool, dry place.
• Press the button to check the charge level; the LED lights indicate remaining capacity.
• Warranty covers defects in materials and workmanship under normal use for the stated period.
Laden Sie den Akku nur mit dem empfohlenen Ladegerät auf. Lagern Sie den Akku nicht in der Sonne.
• Verwenden Sie nur Akkus desselben Herstellers. Halten Sie den Akku sauber und trocken.
Översättning av originalinstruktionerna	SV
ANVÄNDNING
Warranty covers defects in materials and workmanship under normal use for the stated period.
• Laden Sie den Akku nur mit dem empfohlenen Ladegerät auf. Lagern Sie den Akku nicht in der Sonne.
• Verwenden Sie nur Akkus desselben Herstellers. Halten Sie den Akku sauber und trocken.
• Keep batteries away from heat sources and direct sunlight; do not short-circuit the terminals.
Remove the battery from the tool when not in use and store it in a cool, dry place.
• Press the button to check the charge level; the LED lights indicate remaining capacity.
• Warranty covers defects in materials and workmanship under normal use for the stated period.
• Laden Sie den Akku nur mit dem empfohlenen Ladegerät auf. Lagern Sie den Akku nicht in der Sonne.
Verwenden Sie nur Akkus desselben Herstellers. Halten Sie den Akku sauber und trocken.
• Keep batteries away from heat sources and direct sunlight; do not short-circuit the terminals.
GARANTI
Warranty covers defects in materials and workmanship under normal use for the stated period.
• Laden Sie den Akku nur mit dem empfohlenen Ladegerät auf. Lagern Sie den Akku nicht in der Sonne.
• Verwenden Sie nur Akkus desselben Herstellers. Halten Sie den Akku sauber und trocken.
• Keep batteries away from heat sources and direct sunlight; do not short-circuit the terminals.
Remove the battery from the tool when not in use and store it in a cool, dry place.
• Press the button to check the charge level; the LED lights indicate remaining capacity.
• Warranty covers defects in materials and workmanship under normal use for the stated period.
• Laden Sie den Akku nur mit dem empfohlenen Ladegerät auf. Lagern Sie den Akku nicht in der Sonne.
Verwenden Sie nur Akkus desselben Herstellers. Halten Sie den Akku sauber und trocken.
• Keep batteries away from heat sources and direct sunlight; do not short-circuit the terminals.
Produsentens instruksjoner	NO
VIKTIGE SIKKERHETSINSTRUKSER
Laden Sie den Akku nur mit dem empfohlenen Ladegerät auf. Lagern Sie den Akku nicht in der Sonne.
• Verwenden Sie nur Akkus desselben Herstellers. Halten Sie den Akku sauber und trocken.
• Keep batteries away from heat sources and direct sunlight; do not short-circuit the terminals.
• Remove the battery from the tool when not in use and store it in a cool, dry place.
Press the button to check the charge level; the LED lights indicate remaining capacity.
• Warranty covers defects in materials and workmanship under normal use for the stated period.
• Laden Sie den Akku nur mit dem empfohlenen Ladegerät auf. Lagern Sie den Akku nicht in der Sonne.
• Verwenden Sie nur Akkus desselben Herstellers. Halten Sie den Akku sauber und trocken.
Keep batteries away from heat sources and direct sunlight; do not short-circuit the terminals.
• Remove the battery from the tool when not in use and store it in a cool, dry place.
• Press the button to check the charge level; the LED lights indicate remaining capacity.
• Warranty covers defects in materials and workmanship under normal use for the stated period.
Laden Sie den Akku nur mit dem empfohlenen Ladegerät auf. Lagern Sie den Akku nicht in der Sonne.
• Verwenden Sie nur Akkus desselben Herstellers. Halten Sie den Akku sauber und trocken.
• Keep batteries away from heat sources and direct sunlight; do not short-circuit the terminals.
• Remove the battery from the tool when not in use and store it in a cool, dry place.
Press the button to check the charge level; the LED lights indicate remaining capacity.
• Warranty covers defects in materials and workmanship under normal use for the stated period.
• Laden Sie den Akku nur mit dem empfohlenen Ladegerät auf. Lagern Sie den Akku nicht in der Sonne.
• Verwenden Sie nur Akkus desselben Herstellers. Halten Sie den Akku sauber und trocken.
Keep batteries away from heat sources and direct sunlight; do not short-circuit the terminals.
• Remove the battery from the tool when not in use and store it in a cool, dry place.
Produsentens instruksjoner	NO
SIKKERHETSMERKNINGER OG FORHOLDSREGLER
Verwenden Sie nur Akkus desselben Herstellers. Halten Sie den Akku sauber und trocken.
• Keep batteries away from heat sources and direct sunlight; do not short-circuit the terminals.
• Remove the battery from the tool when not in use and store it in a cool, dry place.
• Press the button to check the charge level; the LED lights indicate remaining capacity.
Warranty covers defects in materials and workmanship under normal use for the stated period.
• Laden Sie den Akku nur mit dem empfohlenen Ladegerät auf. Lagern Sie den Akku nicht in der Sonne.
• Verwenden Sie nur Akkus desselben Herstellers. Halten Sie den Akku sauber und trocken.
• Keep batteries away from heat sources and direct sunlight; do not short-circuit the terminals.
Remove the battery from the tool when not in use and store it in a cool, dry place.
• Press the button to check the charge level; the LED lights indicate remaining capacity.
MILJØRIKTIG KASSERING AV BATTERIET
♻	Verwenden Sie nur Akkus desselben Herstellers. Halten Sie den Akku sauber und trocken.
• Keep batteries away from heat sources and direct sunlight; do not short-circuit the terminals.
• Remove the battery from the tool when not in use and store it in a cool, dry place.
• Press the button to check the charge level; the LED lights indicate remaining capacity.
Warranty covers defects in materials and workmanship under normal use for the stated period.
• Laden Sie den Akku nur mit dem empfohlenen Ladegerät auf. Lagern Sie den Akku nicht in der Sonne.
• Verwenden Sie nur Akkus desselben Herstellers. Halten Sie den Akku sauber und trocken.
• Keep batteries away from heat sources and direct sunlight; do not short-circuit the terminals.
Remove the battery from the tool when not in use and store it in a cool, dry place.
• Press the button to check the charge level; the LED lights indicate remaining capacity.
Produsentens instruksjoner	NO
BETJENING
Keep batteries away from heat sources and direct sunlight; do not short-circuit the terminals.
• Remove the battery from the tool when not in use and store it in a cool, dry place.
• Press the button to check the charge level; the LED lights indicate remaining capacity.
• Warranty covers defects in materials and workmanship under normal use for the stated period.
Laden Sie den Akku nur mit dem empfohlenen Ladegerät auf. Lagern Sie den Akku nicht in der Sonne.
• Verwenden Sie nur Akkus desselben Herstellers. Halten Sie den Akku sauber und trocken.
• Keep batteries away from heat sources and direct sunlight; do not short-circuit the terminals.
• Remove the battery from the tool when not in use and store it in a cool, dry place.
Press the button to check the charge level; the LED lights indicate remaining capacity.
• Warranty covers defects in materials and workmanship under normal use for the stated period.
GARANTI
Keep batteries away from heat sources and direct sunlight; do not short-circuit the terminals.
• Remove the battery from the tool when not in use and store it in a cool, dry place.
• Press the button to check the charge level; the LED lights indicate remaining capacity.
• Warranty covers defects in materials and workmanship under normal use for the stated period.
Laden Sie den Akku nur mit dem empfohlenen Ladegerät auf. Lagern Sie den Akku nicht in der Sonne.
• Verwenden Sie nur Akkus desselben Herstellers. Halten Sie den Akku sauber und trocken.
• Keep batteries away from heat sources and direct sunlight; do not short-circuit the terminals.
• Remove the battery from the tool when not in use and store it in a cool, dry place.
Press the button to check the charge level; the LED lights indicate remaining capacity.
• Warranty covers defects in materials and workmanship under normal use for the stated period.
Oversættelse af de originale vejledninger	DA
VIGTIGE SIKKERHEDSINSTRUKTIONER
Remove the battery from the tool when not in use and store it in a cool, dry place.
• Press the button to check the charge level; the LED lights indicate remaining capacity.
• Warranty covers defects in materials and workmanship under normal use for the stated period.
• Laden Sie den Akku nur mit dem empfohlenen Ladegerät auf. Lagern Sie den Akku nicht in der Sonne.
Verwenden Sie nur Akkus desselben Herstellers. Halten Sie den Akku sauber und trocken.
• Keep batteries away from heat sources and direct sunlight; do not short-circuit the terminals.
• Remove the battery from the tool when not in use and store it in a cool, dry place.
• Press the button to check the charge level; the LED lights indicate remaining capacity.
Warranty covers defects in materials and workmanship under normal use for the stated period.
• Laden Sie den Akku nur mit dem empfohlenen Ladegerät auf. Lagern Sie den Akku nicht in der Sonne.
• Verwenden Sie nur Akkus desselben Herstellers. Halten Sie den Akku sauber und trocken.
• Keep batteries away from heat sources and direct sunlight; do not short-circuit the terminals.
Remove the battery from the tool when not in use and store it in a cool, dry place.
• Press the button to check the charge level; the LED lights indicate remaining capacity.
• Warranty covers defects in materials and workmanship under normal use for the stated period.
• Laden Sie den Akku nur mit dem empfohlenen Ladegerät auf. Lagern Sie den Akku nicht in der Sonne.
Verwenden Sie nur Akkus desselben Herstellers. Halten Sie den Akku sauber und trocken.
• Keep batteries away from heat sources and direct sunlight; do not short-circuit the terminals.
• Remove the battery from the tool when not in use and store it in a cool, dry place.
• Press the button to check the charge level; the LED lights indicate remaining capacity.
Warranty covers defects in materials and workmanship under normal use for the stated period.
• Laden Sie den Akku nur mit dem empfohlenen Ladegerät auf. Lagern Sie den Akku nicht in der Sonne.
Oversættelse af de originale vejledninger	DA
SIKKERHEDSANVISNINGER OG FORHOLDSREGLER
Press the button to check the charge level; the LED lights indicate remaining capacity.
• Warranty covers defects in materials and workmanship under normal use for the stated period.
• Laden Sie den Akku nur mit dem empfohlenen Ladegerät auf. Lagern Sie den Akku nicht in der Sonne.
• Verwenden Sie nur Akkus desselben Herstellers. Halten Sie den Akku sauber und trocken.
Keep batteries away from heat sources and direct sunlight; do not short-circuit the terminals.
• Remove the battery from the tool when not in use and store it in a cool, dry place.
• Press the button to check the charge level; the LED lights indicate remaining capacity.
• Warranty covers defects in materials and workmanship under normal use for the stated period.
Laden Sie den Akku nur mit dem empfohlenen Ladegerät auf. Lagern Sie den Akku nicht in der Sonne.
• Verwenden Sie nur Akkus desselben Herstellers. Halten Sie den Akku sauber und trocken.
BATTERIER SKAL BORTSKAFFES PÅ EN MILJØRIGTIG MÅDE
♻	Press the button to check the charge level; the LED lights indicate remaining capacity.
• Warranty covers defects in materials and workmanship under normal use for the stated period.
• Laden Sie den Akku nur mit dem empfohlenen Ladegerät auf. Lagern Sie den Akku nicht in der Sonne.
• Verwenden Sie nur Akkus desselben Herstellers. Halten Sie den Akku sauber und trocken.
Keep batteries away from heat sources and direct sunlight; do not short-circuit the terminals.
• Remove the battery from the tool when not in use and store it in a cool, dry place.
• Press the button to check the charge level; the LED lights indicate remaining capacity.
• Warranty covers defects in materials and workmanship under normal use for the stated period.
Laden Sie den Akku nur mit dem empfohlenen Ladegerät auf. Lagern Sie den Akku nicht in der Sonne.
• Verwenden Sie nur Akkus desselben Herstellers. Halten Sie den Akku sauber und trocken.
Oversættelse af de originale vejledninger	DA
BETJENING
Laden Sie den Akku nur mit dem empfohlenen Ladegerät auf. Lagern Sie den Akku nicht in der Sonne.
• Verwenden Sie nur Akkus desselben Herstellers. Halten Sie den Akku sauber und trocken.
• Keep batteries away from heat sources and direct sunlight; do not short-circuit the terminals.
• Remove the battery from the tool when not in use and store it in a cool, dry place.
Press the button to check the charge level; the LED lights indicate remaining capacity.
• Warranty covers defects in materials and workmanship under normal use for the stated period.
• Laden Sie den Akku nur mit dem empfohlenen Ladegerät auf. Lagern Sie den Akku nicht in der Sonne.
• Verwenden Sie nur Akkus desselben Herstellers. Halten Sie den Akku sauber und trocken.
Keep batteries away from heat sources and direct sunlight; do not short-circuit the terminals.
• Remove the battery from the tool when not in use and store it in a cool, dry place.
GARANTI
Laden Sie den Akku nur mit dem empfohlenen Ladegerät auf. Lagern Sie den Akku nicht in der Sonne.
• Verwenden Sie nur Akkus desselben Herstellers. Halten Sie den Akku sauber und trocken.
• Keep batteries away from heat sources and direct sunlight; do not short-circuit the terminals.
• Remove the battery from the tool when not in use and store it in a cool, dry place.
Press the button to check the charge level; the LED lights indicate remaining capacity.
• Warranty covers defects in materials and workmanship under normal use for the stated period.
• Laden Sie den Akku nur mit dem empfohlenen Ladegerät auf. Lagern Sie den Akku nicht in der Sonne.
• Verwenden Sie nur Akkus desselben Herstellers. Halten Sie den Akku sauber und trocken.
Keep batteries away from heat sources and direct sunlight; do not short-circuit the terminals.
• Remove the battery from the tool when not in use and store it in a cool, dry place.
Tłumaczenie oryginalnej instrukcji	PL
WAŻNE INSTRUKCJE DOTYCZĄCE BEZPIECZEŃSTWA
Verwenden Sie nur Akkus desselben Herstellers. Halten Sie den Akku sauber und trocken.
• Keep batteries away from heat sources and direct sunlight; do not short-circuit the terminals.
• Remove the battery from the tool when not in use and store it in a cool, dry place.
• Press the button to check the charge level; the LED lights indicate remaining capacity.
Warranty covers defects in materials and workmanship under normal use for the stated period.
• Laden Sie den Akku nur mit dem empfohlenen Ladegerät auf. Lagern Sie den Akku nicht in der Sonne.
• Verwenden Sie nur Akkus desselben Herstellers. Halten Sie den Akku sauber und trocken.
• Keep batteries away from heat sources and direct sunlight; do not short-circuit the terminals.
Remove the battery from the tool when not in use and store it in a cool, dry place.
• Press the button to check the charge level; the LED lights indicate remaining capacity.
• Warranty covers defects in materials and workmanship under normal use for the stated period.
• Laden Sie den Akku nur mit dem empfohlenen Ladegerät auf. Lagern Sie den Akku nicht in der Sonne.
Verwenden Sie nur Akkus desselben Herstellers. Halten Sie den Akku sauber und trocken.
• Keep batteries away from heat sources and direct sunlight; do not short-circuit the terminals.
• Remove the battery from the tool when not in use and store it in a cool, dry place.
• Press the button to check the charge level; the LED lights indicate remaining capacity.
Warranty covers defects in materials and workmanship under normal use for the stated period.
• Laden Sie den Akku nur mit dem empfohlenen Ladegerät auf. Lagern Sie den Akku nicht in der Sonne.
• Verwenden Sie nur Akkus desselben Herstellers. Halten Sie den Akku sauber und trocken.
• Keep batteries away from heat sources and direct sunlight; do not short-circuit the terminals.
Remove the battery from the tool when not in use and store it in a cool, dry place.
• Press the button to check the charge level; the LED lights indicate remaining capacity.
Tłumaczenie oryginalnej instrukcji	PL
UWAGI I ZALECENIA BEZPIECZEŃSTWA
Keep batteries away from heat sources and direct sunlight; do not short-circuit the terminals.
• Remove the battery from the tool when not in use and store it in a cool, dry place.
• Press the button to check the charge level; the LED lights indicate remaining capacity.
• Warranty covers defects in materials and workmanship under normal use for the stated period.
Laden Sie den Akku nur mit dem empfohlenen Ladegerät auf. Lagern Sie den Akku nicht in der Sonne.
• Verwenden Sie nur Akkus desselben Herstellers. Halten Sie den Akku sauber und trocken.
• Keep batteries away from heat sources and direct sunlight; do not short-circuit the terminals.
• Remove the battery from the tool when not in use and store it in a cool, dry place.
Press the button to check the charge level; the LED lights indicate remaining capacity.
• Warranty covers defects in materials and workmanship under normal use for the stated period.
WYRZUCANIE AKUMULATORA ZGODNIE Z OCHRONĄ ŚRODOWISKA
♻	Keep batteries away from heat sources and direct sunlight; do not short-circuit the terminals.
• Remove the battery from the tool when not in use and store it in a cool, dry place.
• Press the button to check the charge level; the LED lights indicate remaining capacity.
• Warranty covers defects in materials and workmanship under normal use for the stated period.
Laden Sie den Akku nur mit dem empfohlenen Ladegerät auf. Lagern Sie den Akku nicht in der Sonne.
• Verwenden Sie nur Akkus desselben Herstellers. Halten Sie den Akku sauber und trocken.
• Keep batteries away from heat sources and direct sunlight; do not short-circuit the terminals.
• Remove the battery from the tool when not in use and store it in a cool, dry place.
Press the button to check the charge level; the LED lights indicate remaining capacity.
• Warranty covers defects in materials and workmanship under normal use for the stated period.
Tłumaczenie oryginalnej instrukcji	PL
DZIAŁANIE
Remove the battery from the tool when not in use and store it in a cool, dry place.
• Press the button to check the charge level; the LED lights indicate remaining capacity.
• Warranty covers defects in materials and workmanship under normal use for the stated period.
• Laden Sie den Akku nur mit dem empfohlenen Ladegerät auf. Lagern Sie den Akku nicht in der Sonne.
Verwenden Sie nur Akkus desselben Herstellers. Halten Sie den Akku sauber und trocken.
• Keep batteries away from heat sources and direct sunlight; do not short-circuit the terminals.
• Remove the battery from the tool when not in use and store it in a cool, dry place.
• Press the button to check the charge level; the LED lights indicate remaining capacity.
Warranty covers defects in materials and workmanship under normal use for the stated period.
• Laden Sie den Akku nur mit dem empfohlenen Ladegerät auf. Lagern Sie den Akku nicht in der Sonne.
GWARANCJA
Remove the battery from the tool when not in use and store it in a cool, dry place.
• Press the button to check the charge level; the LED lights indicate remaining capacity.
• Warranty covers defects in materials and workmanship under normal use for the stated period.
• Laden Sie den Akku nur mit dem empfohlenen Ladegerät auf. Lagern Sie den Akku nicht in der Sonne.
Verwenden Sie nur Akkus desselben Herstellers. Halten Sie den Akku sauber und trocken.
• Keep batteries away from heat sources and direct sunlight; do not short-circuit the terminals.
• Remove the battery from the tool when not in use and store it in a cool, dry place.
• Press the button to check the charge level; the LED lights indicate remaining capacity.
Warranty covers defects in materials and workmanship under normal use for the stated period.
• Laden Sie den Akku nur mit dem empfohlenen Ladegerät auf. Lagern Sie den Akku nicht in der Sonne.
Překlad originálního návodu	CS
DŮLEŽITÉ BEZPEČNOSTNÍ POKYNY
Press the button to check the charge level; the LED lights indicate remaining capacity.
• Warranty covers defects in materials and workmanship under normal use for the stated period.
• Laden Sie den Akku nur mit dem empfohlenen Ladegerät auf. Lagern Sie den Akku nicht in der Sonne.
• Verwenden Sie nur Akkus desselben Herstellers. Halten Sie den Akku sauber und trocken.
Keep batteries away from heat sources and direct sunlight; do not short-circuit the terminals.
• Remove the battery from the tool when not in use and store it in a cool, dry place.
• Press the button to check the charge level; the LED lights indicate remaining capacity.
• Warranty covers defects in materials and workmanship under normal use for the stated period.
Laden Sie den Akku nur mit dem empfohlenen Ladegerät auf. Lagern Sie den Akku nicht in der Sonne.
• Verwenden Sie nur Akkus desselben Herstellers. Halten Sie den Akku sauber und trocken.
• Keep batteries away from heat sources and direct sunlight; do not short-circuit the terminals.
• Remove the battery from the tool when not in use and store it in a cool, dry place.
Press the button to check the charge level; the LED lights indicate remaining capacity.
• Warranty covers defects in materials and workmanship under normal use for the stated period.
• Laden Sie den Akku nur mit dem empfohlenen Ladegerät auf. Lagern Sie den Akku nicht in der Sonne.
• Verwenden Sie nur Akkus desselben Herstellers. Halten Sie den Akku sauber und trocken.
Keep batteries away from heat sources and direct sunlight; do not short-circuit the terminals.
• Remove the battery from the tool when not in use and store it in a cool, dry place.
• Press the button to check the charge level; the LED lights indicate remaining capacity.
• Warranty covers defects in materials and workmanship under normal use for the stated period.
Laden Sie den Akku nur mit dem empfohlenen Ladegerät auf. Lagern Sie den Akku nicht in der Sonne.
• Verwenden Sie nur Akkus desselben Herstellers. Halten Sie den Akku sauber und trocken.
Překlad originálního návodu	CS
BEZPEČNOSTNÍ POKYNY A BEZPEČNOSTNÍ OPATŘENÍ
Warranty covers defects in materials and workmanship under normal use for the stated period.
• Laden Sie den Akku nur mit dem empfohlenen Ladegerät auf. Lagern Sie den Akku nicht in der Sonne.
• Verwenden Sie nur Akkus desselben Herstellers. Halten Sie den Akku sauber und trocken.
• Keep batteries away from heat sources and direct sunlight; do not short-circuit the terminals.
Remove the battery from the tool when not in use and store it in a cool, dry place.
• Press the button to check the charge level; the LED lights indicate remaining capacity.
• Warranty covers defects in materials and workmanship under normal use for the stated period.
• Laden Sie den Akku nur mit dem empfohlenen Ladegerät auf. Lagern Sie den Akku nicht in der Sonne.
Verwenden Sie nur Akkus desselben Herstellers. Halten Sie den Akku sauber und trocken.
• Keep batteries away from heat sources and direct sunlight; do not short-circuit the terminals.
EKOLOGICKÁ LIKVIDACE BATERIE
♻	Warranty covers defects in materials and workmanship under normal use for the stated period.
• Laden Sie den Akku nur mit dem empfohlenen Ladegerät auf. Lagern Sie den Akku nicht in der Sonne.
• Verwenden Sie nur Akkus desselben Herstellers. Halten Sie den Akku sauber und trocken.
• Keep batteries away from heat sources and direct sunlight; do not short-circuit the terminals.
Remove the battery from the tool when not in use and store it in a cool, dry place.
• Press the button to check the charge level; the LED lights indicate remaining capacity.
• Warranty covers defects in materials and workmanship under normal use for the stated period.
• Laden Sie den Akku nur mit dem empfohlenen Ladegerät auf. Lagern Sie den Akku nicht in der Sonne.
Verwenden Sie nur Akkus desselben Herstellers. Halten Sie den Akku sauber und trocken.
• Keep batteries away from heat sources and direct sunlight; do not short-circuit the terminals.
Překlad originálního návodu	CS
PROVOZ
Laden Sie den Akku nur mit dem empfohlenen Ladegerät auf. Lagern Sie den Akku nicht in der Sonne.
• Verwenden Sie nur Akkus desselben Herstellers. Halten Sie den Akku sauber und trocken.
• Keep batteries away from heat sources and direct sunlight; do not short-circuit the terminals.
• Remove the battery from the tool when not in use and store it in a cool, dry place.
Press the button to check the charge level; the LED lights indicate remaining capacity.
• Warranty covers defects in materials and workmanship under normal use for the stated period.
• Laden Sie den Akku nur mit dem empfohlenen Ladegerät auf. Lagern Sie den Akku nicht in der Sonne.
• Verwenden Sie nur Akkus desselben Herstellers. Halten Sie den Akku sauber und trocken.
Keep batteries away from heat sources and direct sunlight; do not short-circuit the terminals.
• Remove the battery from the tool when not in use and store it in a cool, dry place.
ZÁRUKA
Laden Sie den Akku nur mit dem empfohlenen Ladegerät auf. Lagern Sie den Akku nicht in der Sonne.
• Verwenden Sie nur Akkus desselben Herstellers. Halten Sie den Akku sauber und trocken.
• Keep batteries away from heat sources and direct sunlight; do not short-circuit the terminals.
• Remove the battery from the tool when not in use and store it in a cool, dry place.
Press the button to check the charge level; the LED lights indicate remaining capacity.
• Warranty covers defects in materials and workmanship under normal use for the stated period.
• Laden Sie den Akku nur mit dem empfohlenen Ladegerät auf. Lagern Sie den Akku nicht in der Sonne.
• Verwenden Sie nur Akkus desselben Herstellers. Halten Sie den Akku sauber und trocken.
Keep batteries away from heat sources and direct sunlight; do not short-circuit the terminals.
• Remove the battery from the tool when not in use and store it in a cool, dry place.
Preklad originálneho návodu	SK
DÔLEŽITÉ BEZPEČNOSTNÉ POKYNY
Verwenden Sie nur Akkus desselben Herstellers. Halten Sie den Akku sauber und trocken.
• Keep batteries away from heat sources and direct sunlight; do not short-circuit the terminals.
• Remove the battery from the tool when not in use and store it in a cool, dry place.
• Press the button to check the charge level; the LED lights indicate remaining capacity.
Warranty covers defects in materials and workmanship under normal use for the stated period.
• Laden Sie den Akku nur mit dem empfohlenen Ladegerät auf. Lagern Sie den Akku nicht in der Sonne.
• Verwenden Sie nur Akkus desselben Herstellers. Halten Sie den Akku sauber und trocken.
• Keep batteries away from heat sources and direct sunlight; do not short-circuit the terminals.
Remove the battery from the tool when not in use and store it in a cool, dry place.
• Press the button to check the charge level; the LED lights indicate remaining capacity.
• Warranty covers defects in materials and workmanship under normal use for the stated period.
• Laden Sie den Akku nur mit dem empfohlenen Ladegerät auf. Lagern Sie den Akku nicht in der Sonne.
Verwenden Sie nur Akkus desselben Herstellers. Halten Sie den Akku sauber und trocken.
• Keep batteries away from heat sources and direct sunlight; do not short-circuit the terminals.
• Remove the battery from the tool when not in use and store it in a cool, dry place.
• Press the button to check the charge level; the LED lights indicate remaining capacity.
Warranty covers defects in materials and workmanship under normal use for the stated period.
• Laden Sie den Akku nur mit dem empfohlenen Ladegerät auf. Lagern Sie den Akku nicht in der Sonne.
• Verwenden Sie nur Akkus desselben Herstellers. Halten Sie den Akku sauber und trocken.
• Keep batteries away from heat sources and direct sunlight; do not short-circuit the terminals.
Remove the battery from the tool when not in use and store it in a cool, dry place.
• Press the button to check the charge level; the LED lights indicate remaining capacity.
